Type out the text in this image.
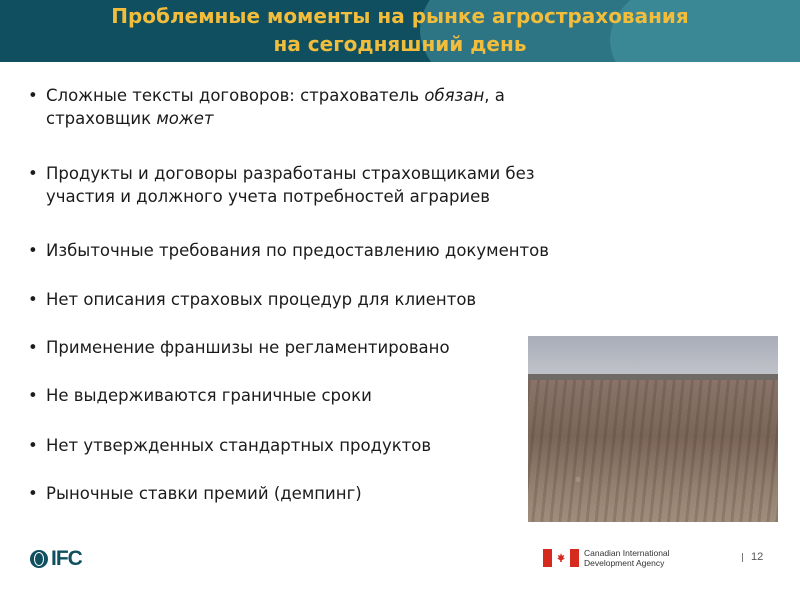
Проблемные моменты на рынке агрострахования
на сегодняшний день
• Сложные тексты договоров: страхователь обязан, а
страховщик может
• Продукты и договоры разработаны страховщиками без
участия и должного учета потребностей аграриев
• Избыточные требования по предоставлению документов
• Нет описания страховых процедур для клиентов
• Применение франшизы не регламентировано
• Не выдерживаются граничные сроки
• Нет утвержденных стандартных продуктов
• Рыночные ставки премий (демпинг)
IFC	Canadian International
Development Agency	12
